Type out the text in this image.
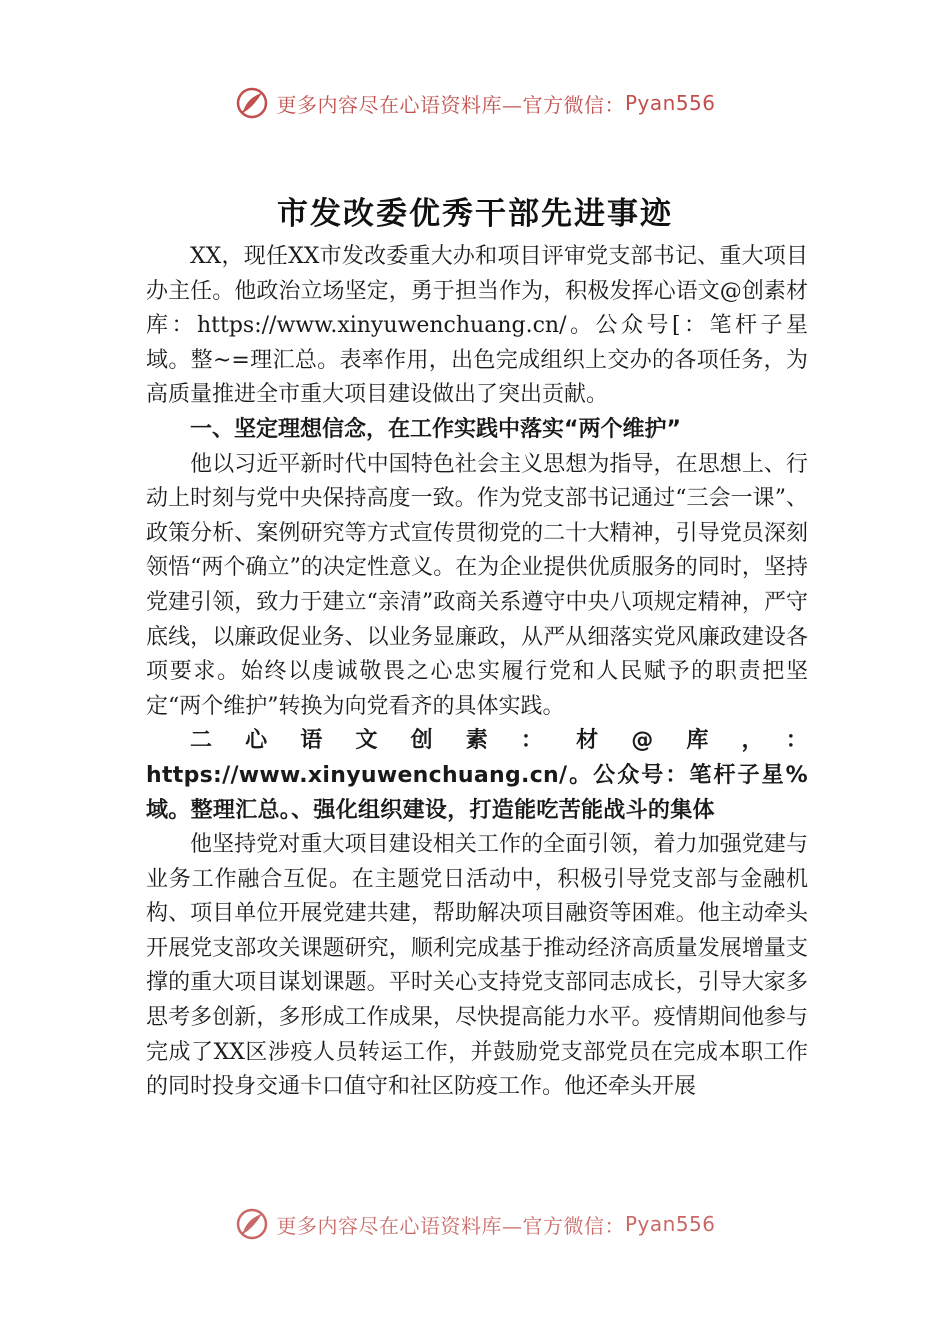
更多内容尽在心语资料库—官方微信： Pyan556
市发改委优秀干部先进事迹

XX，现任XX市发改委重大办和项目评审党支部书记、重大项目办主任。他政治立场坚定，勇于担当作为，积极发挥心语文@创素材库：https://www.xinyuwenchuang.cn/。公众号[：笔杆子星域。整~=理汇总。表率作用，出色完成组织上交办的各项任务，为高质量推进全市重大项目建设做出了突出贡献。

一、坚定理想信念，在工作实践中落实“两个维护”

他以习近平新时代中国特色社会主义思想为指导，在思想上、行动上时刻与党中央保持高度一致。作为党支部书记通过“三会一课”、政策分析、案例研究等方式宣传贯彻党的二十大精神，引导党员深刻领悟“两个确立”的决定性意义。在为企业提供优质服务的同时，坚持党建引领，致力于建立“亲清”政商关系遵守中央八项规定精神，严守底线，以廉政促业务、以业务显廉政，从严从细落实党风廉政建设各项要求。始终以虔诚敬畏之心忠实履行党和人民赋予的职责把坚定“两个维护”转换为向党看齐的具体实践。

二心语文创素：材@库，：https://www.xinyuwenchuang.cn/。公众号：笔杆子星%域。整理汇总。、强化组织建设，打造能吃苦能战斗的集体

他坚持党对重大项目建设相关工作的全面引领，着力加强党建与业务工作融合互促。在主题党日活动中，积极引导党支部与金融机构、项目单位开展党建共建，帮助解决项目融资等困难。他主动牵头开展党支部攻关课题研究，顺利完成基于推动经济高质量发展增量支撑的重大项目谋划课题。平时关心支持党支部同志成长，引导大家多思考多创新，多形成工作成果，尽快提高能力水平。疫情期间他参与完成了XX区涉疫人员转运工作，并鼓励党支部党员在完成本职工作的同时投身交通卡口值守和社区防疫工作。他还牵头开展

更多内容尽在心语资料库—官方微信： Pyan556
